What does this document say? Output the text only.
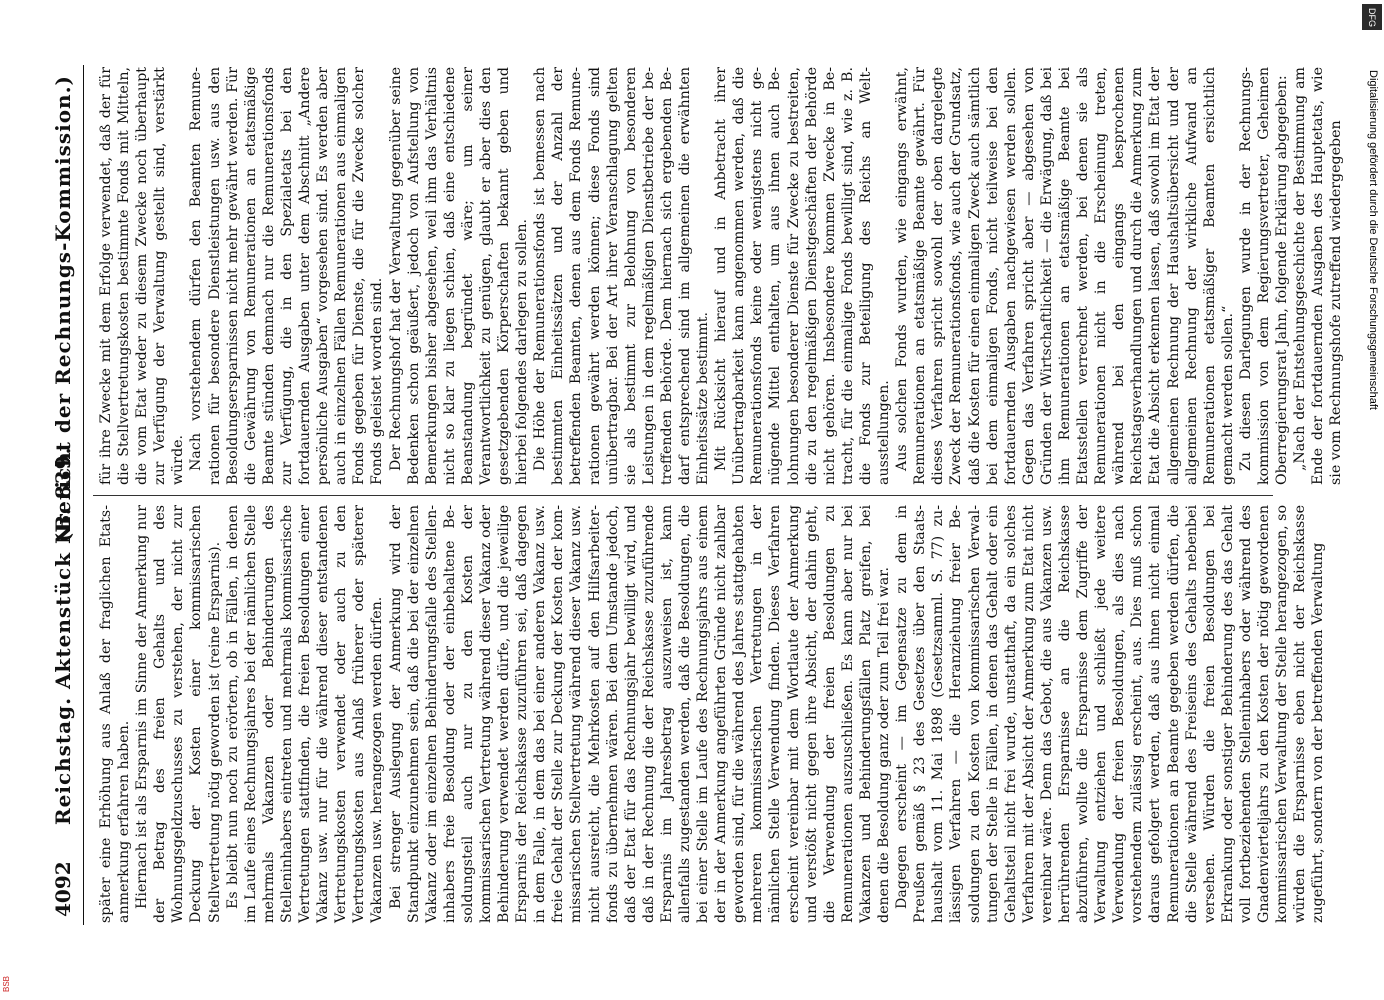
4092
Reichstag. Aktenstück Nr. 839.
(Bericht der Rechnungs-Kommission.)

später eine Erhöhung aus Anlaß der fraglichen Etatsanmerkung erfahren haben. Hiernach ist als Ersparnis im Sinne der Anmerkung nur der Betrag des freien Gehalts und des Wohnungsgeldzuschusses zu verstehen, der nicht zur Deckung der Kosten einer kommissarischen Stellvertretung nötig geworden ist (reine Ersparnis). Es bleibt nun noch zu erörtern, ob in Fällen, in denen im Laufe eines Rechnungsjahres bei der nämlichen Stelle mehrmals Vakanzen oder Behinderungen des Stelleninhabers eintreten und mehrmals kommissarische Vertretungen stattfinden, die freien Besoldungen einer Vakanz usw. nur für die während dieser entstandenen Vertretungskosten verwendet oder auch zu den Vertretungskosten aus Anlaß früherer oder späterer Vakanzen usw. herangezogen werden dürfen. Bei strenger Auslegung der Anmerkung wird der Standpunkt einzunehmen sein, daß die bei der einzelnen Vakanz oder im einzelnen Behinderungsfalle des Stelleninhabers freie Besoldung oder der einbehaltene Besoldungsteil auch nur zu den Kosten der kommissarischen Vertretung während dieser Vakanz oder Behinderung verwendet werden dürfe, und die jeweilige Ersparnis der Reichskasse zuzuführen sei, daß dagegen in dem Falle, in dem das bei einer anderen Vakanz usw. freie Gehalt der Stelle zur Deckung der Kosten der kommissarischen Stellvertretung während dieser Vakanz usw. nicht ausreicht, die Mehrkosten auf den Hilfsarbeiterfonds zu übernehmen wären. Bei dem Umstande jedoch, daß der Etat für das Rechnungsjahr bewilligt wird, und daß in der Rechnung die der Reichskasse zuzuführende Ersparnis im Jahresbetrag auszuweisen ist, kann allenfalls zugestanden werden, daß die Besoldungen, die bei einer Stelle im Laufe des Rechnungsjahrs aus einem der in der Anmerkung angeführten Gründe nicht zahlbar geworden sind, für die während des Jahres stattgehabten mehreren kommissarischen Vertretungen in der nämlichen Stelle Verwendung finden. Dieses Verfahren erscheint vereinbar mit dem Wortlaute der Anmerkung und verstößt nicht gegen ihre Absicht, der dahin geht, die Verwendung der freien Besoldungen zu Remunerationen auszuschließen. Es kann aber nur bei Vakanzen und Behinderungsfällen Platz greifen, bei denen die Besoldung ganz oder zum Teil frei war. Dagegen erscheint — im Gegensatze zu dem in Preußen gemäß § 23 des Gesetzes über den Staatshaushalt vom 11. Mai 1898 (Gesetzsamml. S. 77) zulässigen Verfahren — die Heranziehung freier Besoldungen zu den Kosten von kommissarischen Verwaltungen der Stelle in Fällen, in denen das Gehalt oder ein Gehaltsteil nicht frei wurde, unstatthaft, da ein solches Verfahren mit der Absicht der Anmerkung zum Etat nicht vereinbar wäre. Denn das Gebot, die aus Vakanzen usw. herrührenden Ersparnisse an die Reichskasse abzuführen, wollte die Ersparnisse dem Zugriffe der Verwaltung entziehen und schließt jede weitere Verwendung der freien Besoldungen, als dies nach vorstehendem zulässig erscheint, aus. Dies muß schon daraus gefolgert werden, daß aus ihnen nicht einmal Remunerationen an Beamte gegeben werden dürfen, die die Stelle während des Freiseins des Gehalts nebenbei versehen. Würden die freien Besoldungen bei Erkrankung oder sonstiger Behinderung des das Gehalt voll fortbeziehenden Stelleninhabers oder während des Gnadenvierteljahrs zu den Kosten der nötig gewordenen kommissarischen Verwaltung der Stelle herangezogen, so würden die Ersparnisse eben nicht der Reichskasse zugeführt, sondern von der betreffenden Verwaltung

für ihre Zwecke mit dem Erfolge verwendet, daß der für die Stellvertretungskosten bestimmte Fonds mit Mitteln, die vom Etat weder zu diesem Zwecke noch überhaupt zur Verfügung der Verwaltung gestellt sind, verstärkt würde. Nach vorstehendem dürfen den Beamten Remunerationen für besondere Dienstleistungen usw. aus den Besoldungsersparnissen nicht mehr gewährt werden. Für die Gewährung von Remunerationen an etatsmäßige Beamte stünden demnach nur die Remunerationsfonds zur Verfügung, die in den Spezialetats bei den fortdauernden Ausgaben unter dem Abschnitt „Andere persönliche Ausgaben“ vorgesehen sind. Es werden aber auch in einzelnen Fällen Remunerationen aus einmaligen Fonds gegeben für Dienste, die für die Zwecke solcher Fonds geleistet worden sind. Der Rechnungshof hat der Verwaltung gegenüber seine Bedenken schon geäußert, jedoch von Aufstellung von Bemerkungen bisher abgesehen, weil ihm das Verhältnis nicht so klar zu liegen schien, daß eine entschiedene Beanstandung begründet wäre; um seiner Verantwortlichkeit zu genügen, glaubt er aber dies den gesetzgebenden Körperschaften bekannt geben und hierbei folgendes darlegen zu sollen. Die Höhe der Remunerationsfonds ist bemessen nach bestimmten Einheitssätzen und der Anzahl der betreffenden Beamten, denen aus dem Fonds Remunerationen gewährt werden können; diese Fonds sind unübertragbar. Bei der Art ihrer Veranschlagung gelten sie als bestimmt zur Belohnung von besonderen Leistungen in dem regelmäßigen Dienstbetriebe der betreffenden Behörde. Dem hiernach sich ergebenden Bedarf entsprechend sind im allgemeinen die erwähnten Einheitssätze bestimmt. Mit Rücksicht hierauf und in Anbetracht ihrer Unübertragbarkeit kann angenommen werden, daß die Remunerationsfonds keine oder wenigstens nicht genügende Mittel enthalten, um aus ihnen auch Belohnungen besonderer Dienste für Zwecke zu bestreiten, die zu den regelmäßigen Dienstgeschäften der Behörde nicht gehören. Insbesondere kommen Zwecke in Betracht, für die einmalige Fonds bewilligt sind, wie z. B. die Fonds zur Beteiligung des Reichs an Weltausstellungen. Aus solchen Fonds wurden, wie eingangs erwähnt, Remunerationen an etatsmäßige Beamte gewährt. Für dieses Verfahren spricht sowohl der oben dargelegte Zweck der Remunerationsfonds, wie auch der Grundsatz, daß die Kosten für einen einmaligen Zweck auch sämtlich bei dem einmaligen Fonds, nicht teilweise bei den fortdauernden Ausgaben nachgewiesen werden sollen. Gegen das Verfahren spricht aber — abgesehen von Gründen der Wirtschaftlichkeit — die Erwägung, daß bei ihm Remunerationen an etatsmäßige Beamte bei Etatsstellen verrechnet werden, bei denen sie als Remunerationen nicht in die Erscheinung treten, während bei den eingangs besprochenen Reichstagsverhandlungen und durch die Anmerkung zum Etat die Absicht erkennen lassen, daß sowohl im Etat der allgemeinen Rechnung der Haushaltsübersicht und der allgemeinen Rechnung der wirkliche Aufwand an Remunerationen etatsmäßiger Beamten ersichtlich gemacht werden sollen.“ Zu diesen Darlegungen wurde in der Rechnungskommission von dem Regierungsvertreter, Geheimen Oberregierungsrat Jahn, folgende Erklärung abgegeben: „Nach der Entstehungsgeschichte der Bestimmung am Ende der fortdauernden Ausgaben des Hauptetats, wie sie vom Rechnungshofe zutreffend wiedergegeben

DFG
Digitalisierung gefördert durch die Deutsche Forschungsgemeinschaft
BSB
